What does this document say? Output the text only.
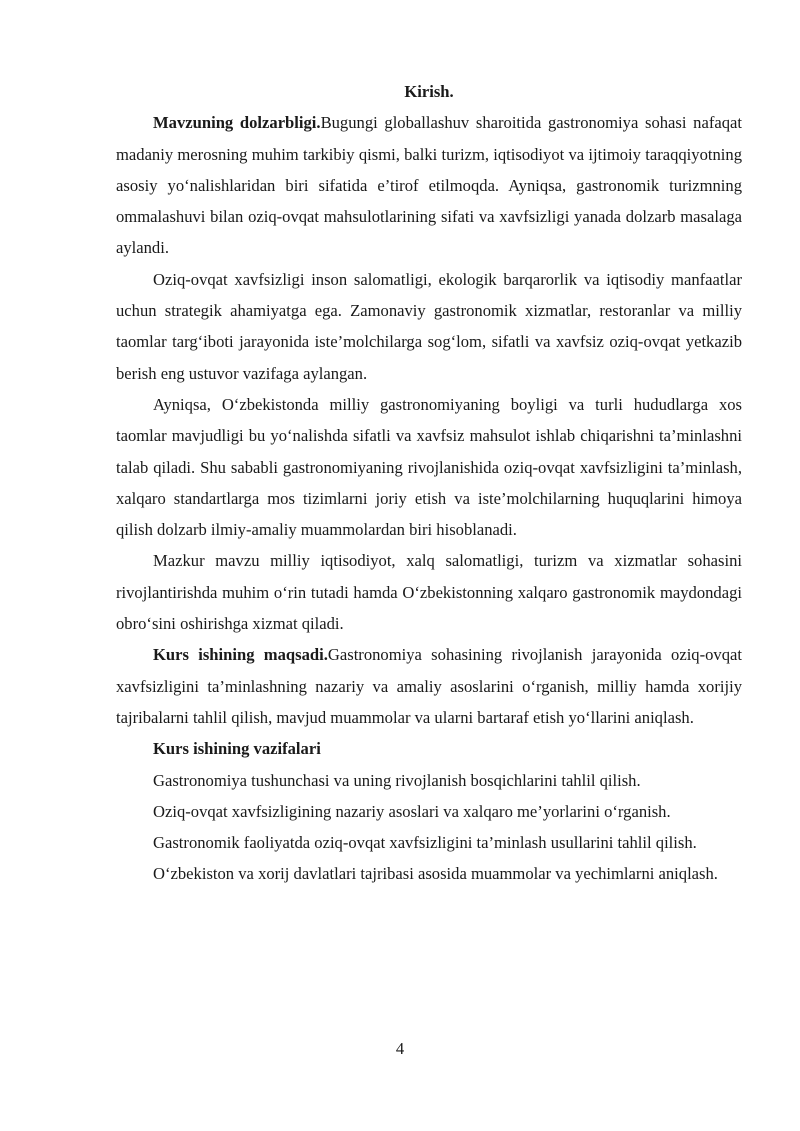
Kirish.

Mavzuning dolzarbligi.Bugungi globallashuv sharoitida gastronomiya sohasi nafaqat madaniy merosning muhim tarkibiy qismi, balki turizm, iqtisodiyot va ijtimoiy taraqqiyotning asosiy yo‘nalishlaridan biri sifatida e’tirof etilmoqda. Ayniqsa, gastronomik turizmning ommalashuvi bilan oziq-ovqat mahsulotlarining sifati va xavfsizligi yanada dolzarb masalaga aylandi.

Oziq-ovqat xavfsizligi inson salomatligi, ekologik barqarorlik va iqtisodiy manfaatlar uchun strategik ahamiyatga ega. Zamonaviy gastronomik xizmatlar, restoranlar va milliy taomlar targ‘iboti jarayonida iste’molchilarga sog‘lom, sifatli va xavfsiz oziq-ovqat yetkazib berish eng ustuvor vazifaga aylangan.

Ayniqsa, O‘zbekistonda milliy gastronomiyaning boyligi va turli hududlarga xos taomlar mavjudligi bu yo‘nalishda sifatli va xavfsiz mahsulot ishlab chiqarishni ta’minlashni talab qiladi. Shu sababli gastronomiyaning rivojlanishida oziq-ovqat xavfsizligini ta’minlash, xalqaro standartlarga mos tizimlarni joriy etish va iste’molchilarning huquqlarini himoya qilish dolzarb ilmiy-amaliy muammolardan biri hisoblanadi.

Mazkur mavzu milliy iqtisodiyot, xalq salomatligi, turizm va xizmatlar sohasini rivojlantirishda muhim o‘rin tutadi hamda O‘zbekistonning xalqaro gastronomik maydondagi obro‘sini oshirishga xizmat qiladi.

Kurs ishining maqsadi.Gastronomiya sohasining rivojlanish jarayonida oziq-ovqat xavfsizligini ta’minlashning nazariy va amaliy asoslarini o‘rganish, milliy hamda xorijiy tajribalarni tahlil qilish, mavjud muammolar va ularni bartaraf etish yo‘llarini aniqlash.

Kurs ishining vazifalari

Gastronomiya tushunchasi va uning rivojlanish bosqichlarini tahlil qilish.

Oziq-ovqat xavfsizligining nazariy asoslari va xalqaro me’yorlarini o‘rganish.

Gastronomik faoliyatda oziq-ovqat xavfsizligini ta’minlash usullarini tahlil qilish.

O‘zbekiston va xorij davlatlari tajribasi asosida muammolar va yechimlarni aniqlash.

4
